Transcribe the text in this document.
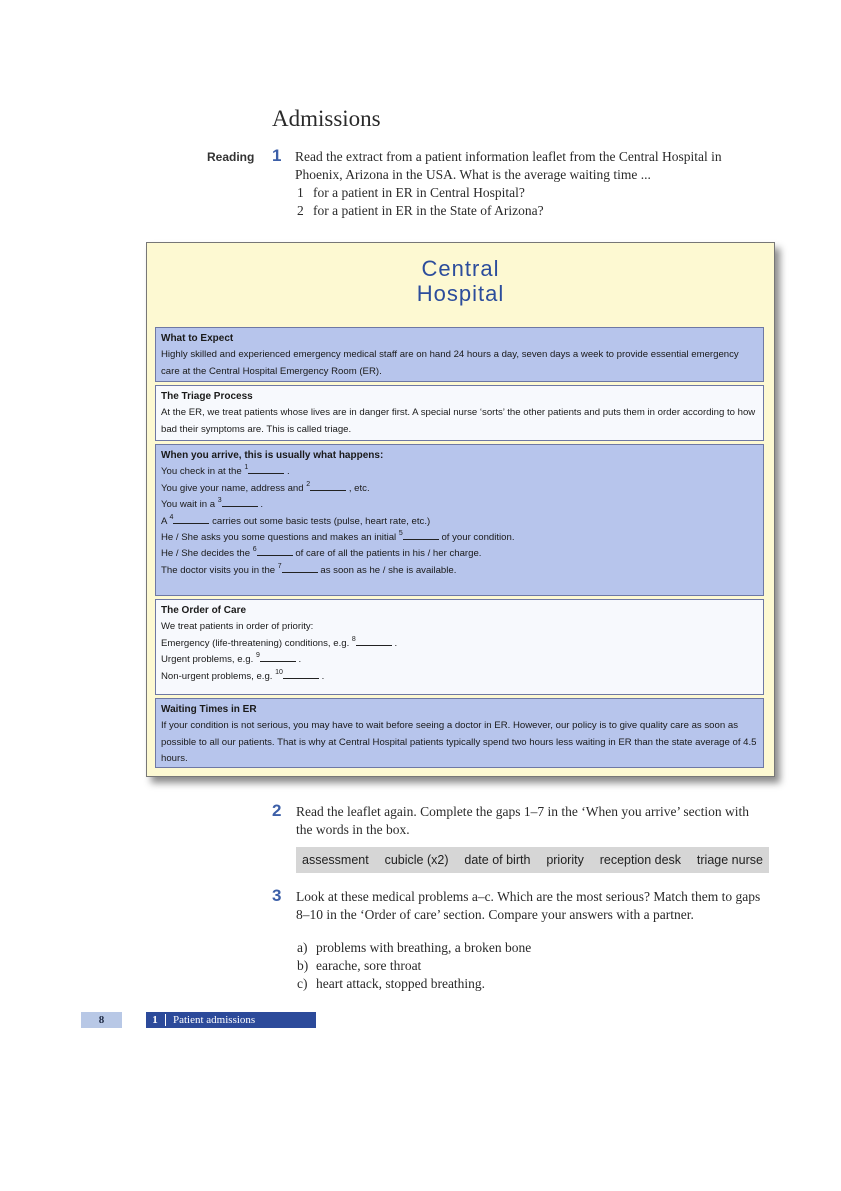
Admissions
Reading 1 Read the extract from a patient information leaflet from the Central Hospital in Phoenix, Arizona in the USA. What is the average waiting time ...
1 for a patient in ER in Central Hospital?
2 for a patient in ER in the State of Arizona?
Central
Hospital
What to Expect

Highly skilled and experienced emergency medical staff are on hand 24 hours a day, seven days a week to provide essential emergency care at the Central Hospital Emergency Room (ER).

The Triage Process

At the ER, we treat patients whose lives are in danger first. A special nurse ‘sorts’ the other patients and puts them in order according to how bad their symptoms are. This is called triage.

When you arrive, this is usually what happens:

You check in at the $^1$	.

You give your name, address and $^2$	, etc.

You wait in a $^3$	.

A $^4$	carries out some basic tests (pulse, heart rate, etc.)

He / She asks you some questions and makes an initial $^5$	of your condition.

He / She decides the $^6$	of care of all the patients in his / her charge.

The doctor visits you in the $^7$	as soon as he / she is available.

The Order of Care

We treat patients in order of priority:

Emergency (life-threatening) conditions, e.g. $^8$	.

Urgent problems, e.g. $^9$	.

Non-urgent problems, e.g. $^{10}$	.

Waiting Times in ER

If your condition is not serious, you may have to wait before seeing a doctor in ER. However, our policy is to give quality care as soon as possible to all our patients. That is why at Central Hospital patients typically spend two hours less waiting in ER than the state average of 4.5 hours.

2 Read the leaflet again. Complete the gaps 1–7 in the ‘When you arrive’ section with the words in the box.
assessment cubicle (x2) date of birth priority reception desk triage nurse
3 Look at these medical problems a–c. Which are the most serious? Match them to gaps 8–10 in the ‘Order of care’ section. Compare your answers with a partner.
a) problems with breathing, a broken bone
b) earache, sore throat
c) heart attack, stopped breathing.
8	1	Patient admissions
